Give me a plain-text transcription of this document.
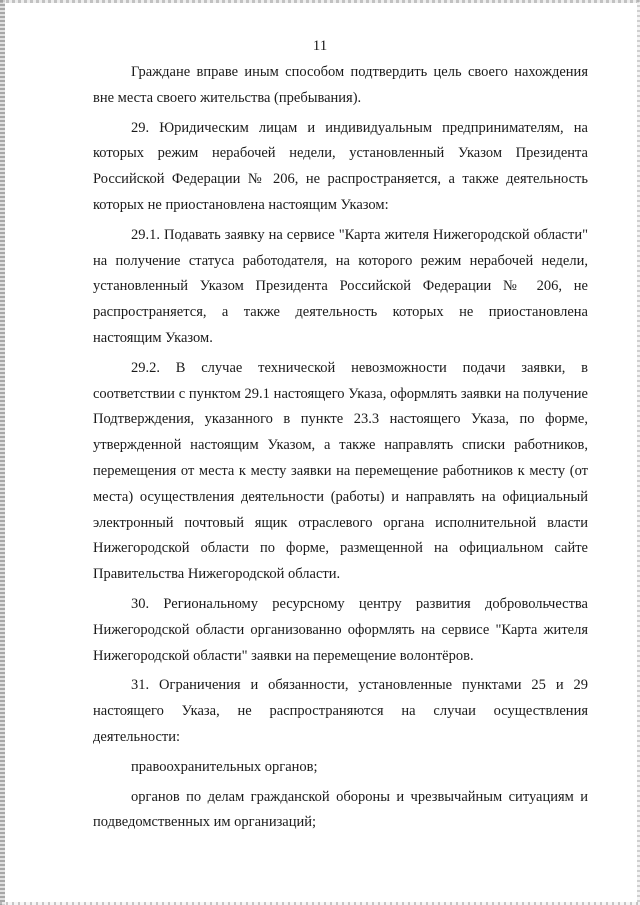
11

Граждане вправе иным способом подтвердить цель своего нахождения вне места своего жительства (пребывания).

29. Юридическим лицам и индивидуальным предпринимателям, на которых режим нерабочей недели, установленный Указом Президента Российской Федерации № 206, не распространяется, а также деятельность которых не приостановлена настоящим Указом:

29.1. Подавать заявку на сервисе "Карта жителя Нижегородской области" на получение статуса работодателя, на которого режим нерабочей недели, установленный Указом Президента Российской Федерации № 206, не распространяется, а также деятельность которых не приостановлена настоящим Указом.

29.2. В случае технической невозможности подачи заявки, в соответствии с пунктом 29.1 настоящего Указа, оформлять заявки на получение Подтверждения, указанного в пункте 23.3 настоящего Указа, по форме, утвержденной настоящим Указом, а также направлять списки работников, перемещения от места к месту заявки на перемещение работников к месту (от места) осуществления деятельности (работы) и направлять на официальный электронный почтовый ящик отраслевого органа исполнительной власти Нижегородской области по форме, размещенной на официальном сайте Правительства Нижегородской области.

30. Региональному ресурсному центру развития добровольчества Нижегородской области организованно оформлять на сервисе "Карта жителя Нижегородской области" заявки на перемещение волонтёров.

31. Ограничения и обязанности, установленные пунктами 25 и 29 настоящего Указа, не распространяются на случаи осуществления деятельности:

правоохранительных органов;

органов по делам гражданской обороны и чрезвычайным ситуациям и подведомственных им организаций;
